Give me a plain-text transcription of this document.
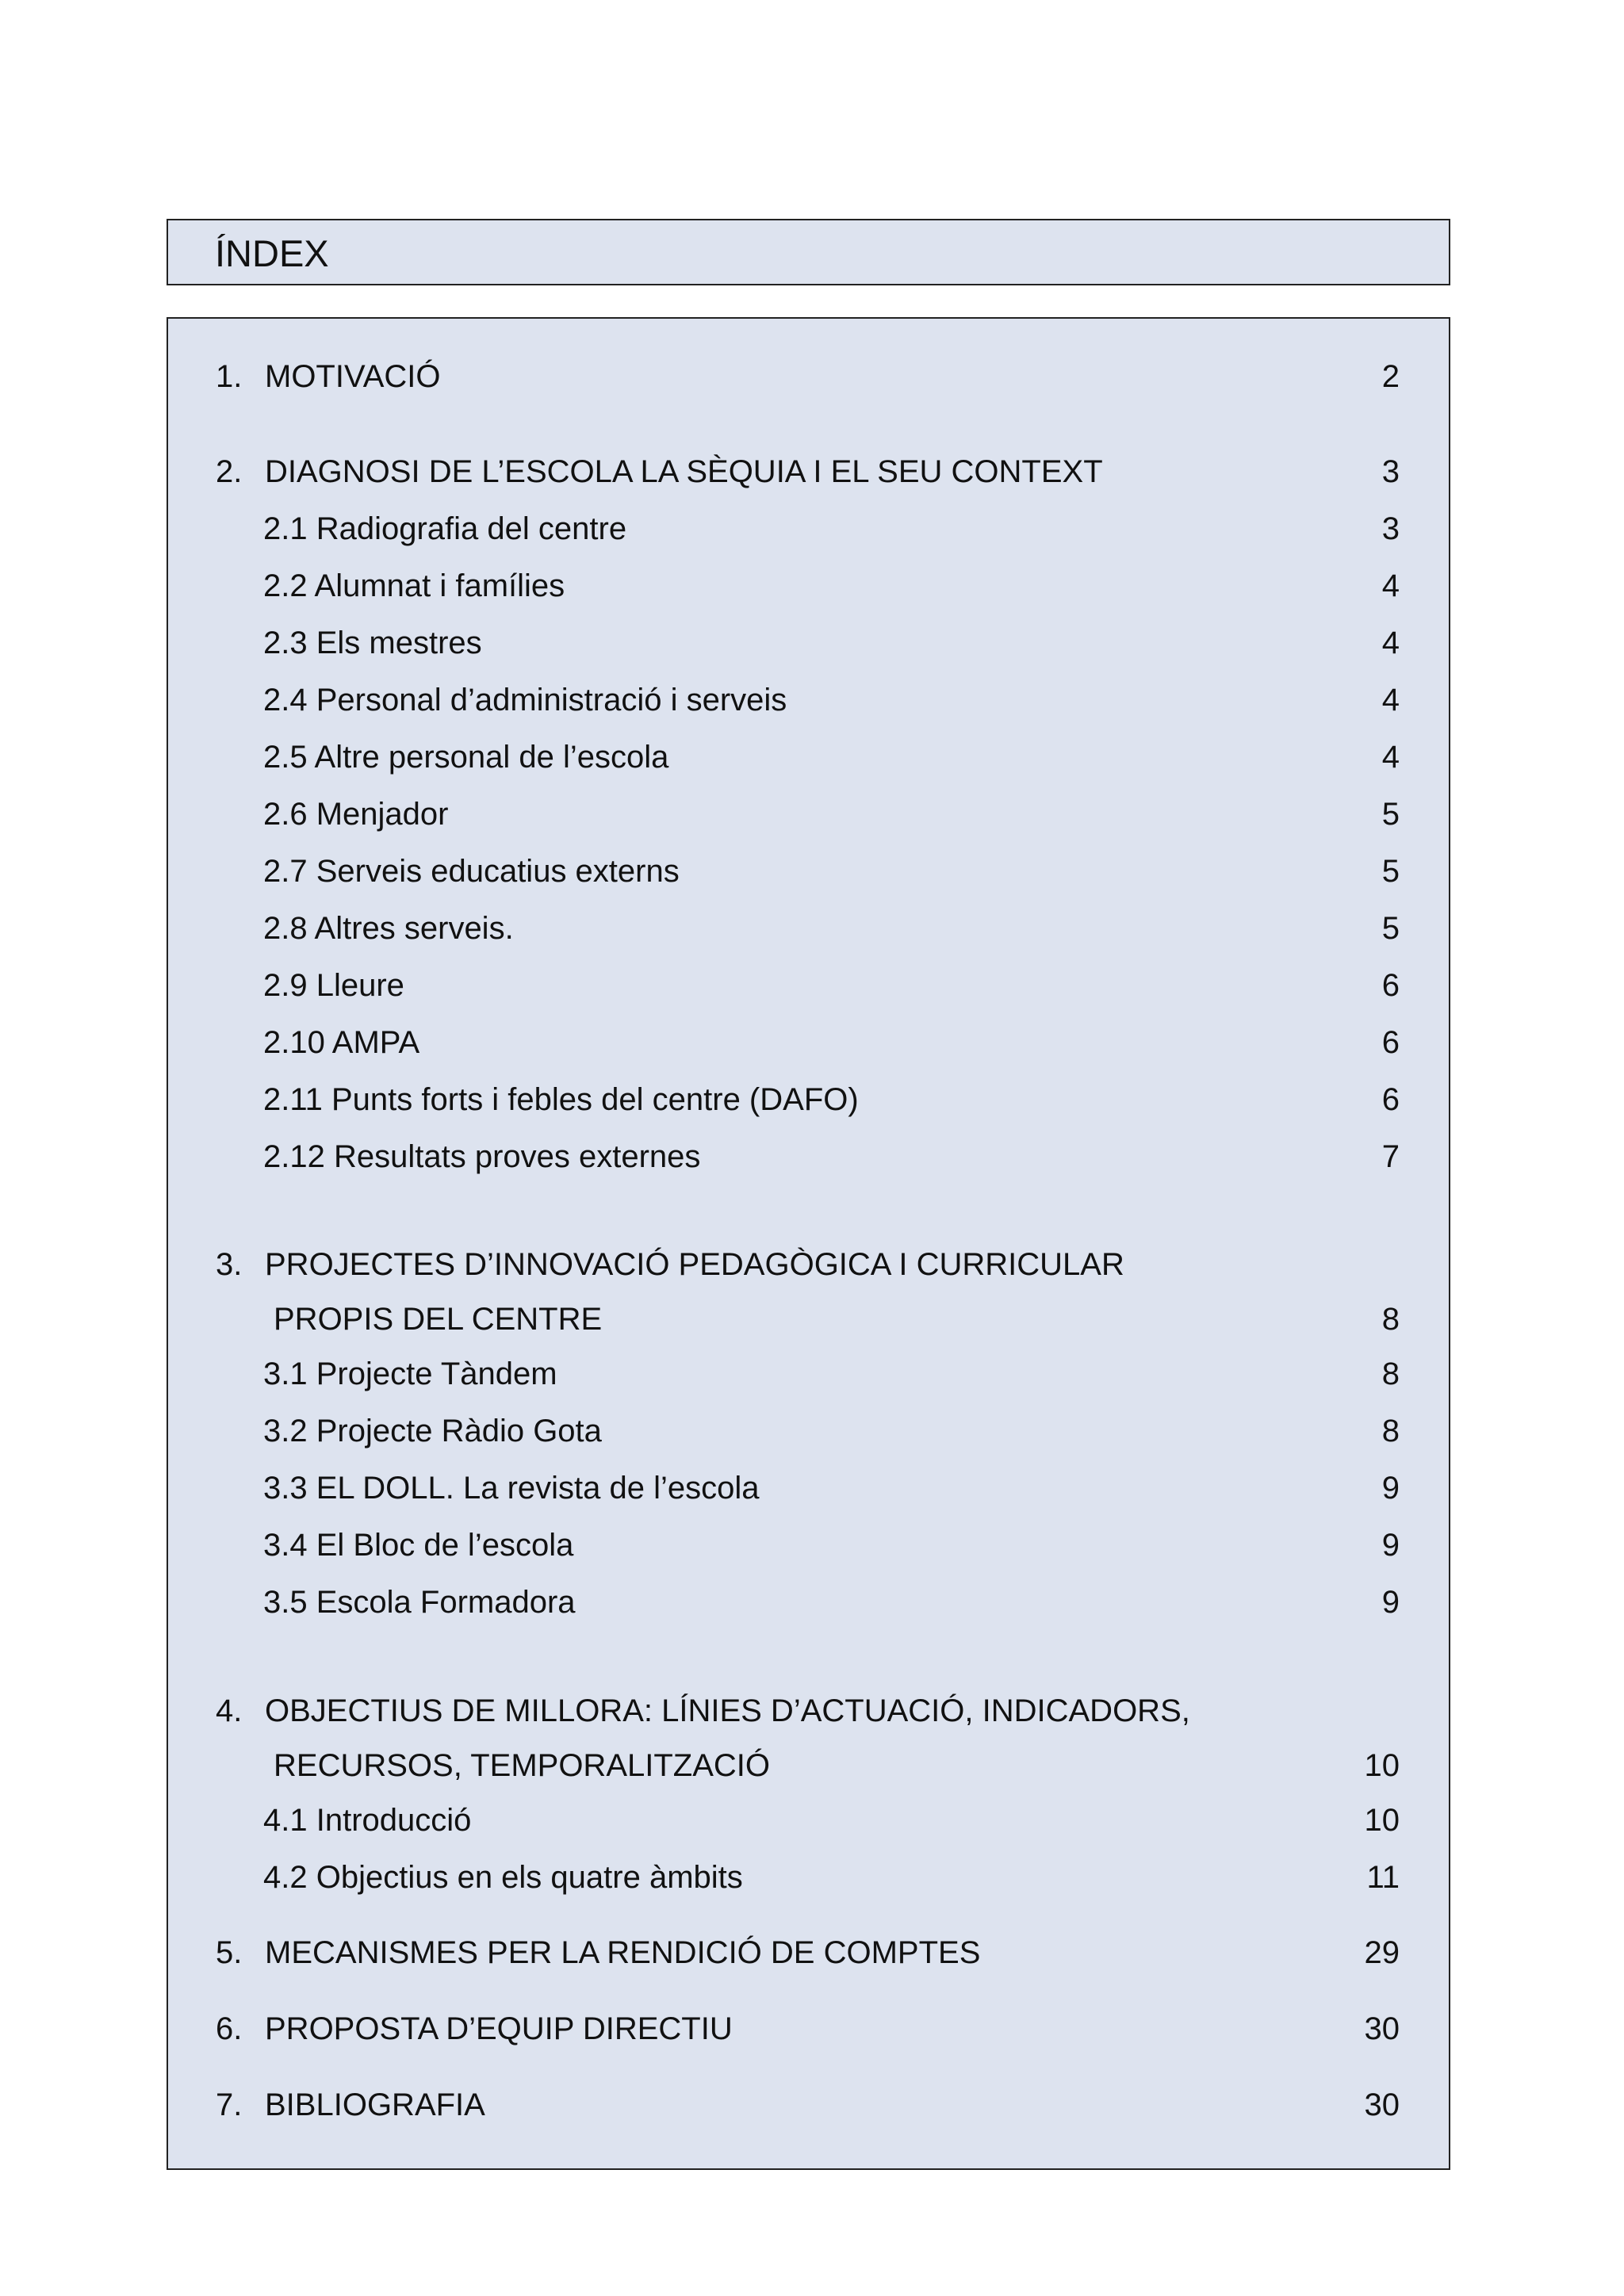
ÍNDEX
1. MOTIVACIÓ	2
2. DIAGNOSI DE L’ESCOLA LA SÈQUIA I EL SEU CONTEXT	3
2.1 Radiografia del centre	3
2.2 Alumnat i famílies	4
2.3 Els mestres	4
2.4 Personal d’administració i serveis	4
2.5 Altre personal de l’escola	4
2.6 Menjador	5
2.7 Serveis educatius externs	5
2.8 Altres serveis.	5
2.9 Lleure	6
2.10 AMPA	6
2.11 Punts forts i febles del centre (DAFO)	6
2.12 Resultats proves externes	7
3. PROJECTES D’INNOVACIÓ PEDAGÒGICA I CURRICULAR
PROPIS DEL CENTRE	8
3.1 Projecte Tàndem	8
3.2 Projecte Ràdio Gota	8
3.3 EL DOLL. La revista de l’escola	9
3.4 El Bloc de l’escola	9
3.5 Escola Formadora	9
4. OBJECTIUS DE MILLORA: LÍNIES D’ACTUACIÓ, INDICADORS,
RECURSOS, TEMPORALITZACIÓ	10
4.1 Introducció	10
4.2 Objectius en els quatre àmbits	11
5. MECANISMES PER LA RENDICIÓ DE COMPTES	29
6. PROPOSTA D’EQUIP DIRECTIU	30
7. BIBLIOGRAFIA	30
